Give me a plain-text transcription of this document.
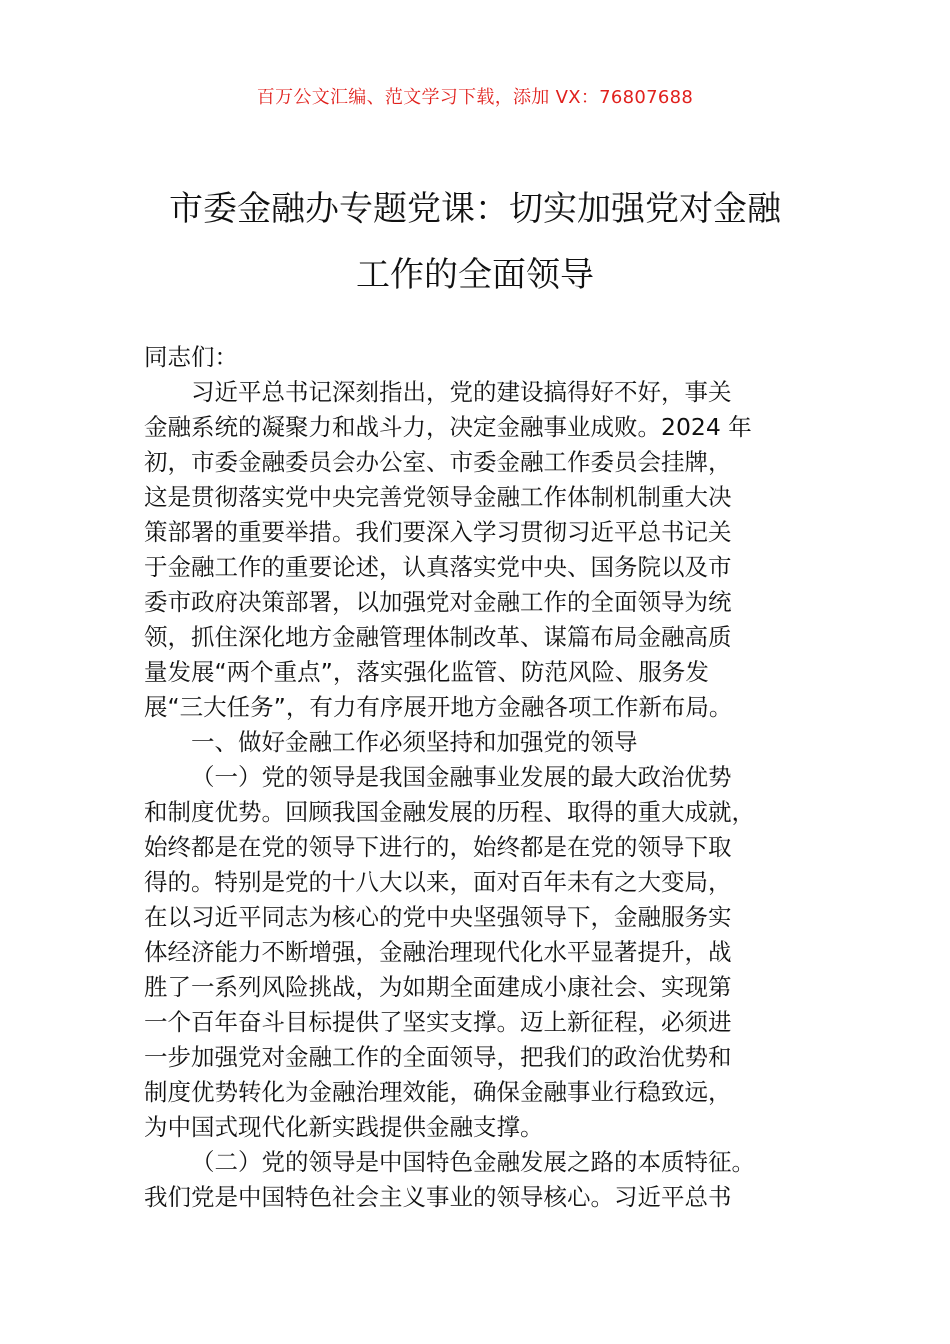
百万公文汇编、范文学习下载，添加 VX：76807688
市委金融办专题党课：切实加强党对金融
工作的全面领导
同志们：
习近平总书记深刻指出，党的建设搞得好不好，事关
金融系统的凝聚力和战斗力，决定金融事业成败。2024 年
初，市委金融委员会办公室、市委金融工作委员会挂牌，
这是贯彻落实党中央完善党领导金融工作体制机制重大决
策部署的重要举措。我们要深入学习贯彻习近平总书记关
于金融工作的重要论述，认真落实党中央、国务院以及市
委市政府决策部署，以加强党对金融工作的全面领导为统
领，抓住深化地方金融管理体制改革、谋篇布局金融高质
量发展“两个重点”，落实强化监管、防范风险、服务发
展“三大任务”，有力有序展开地方金融各项工作新布局。
一、做好金融工作必须坚持和加强党的领导
（一）党的领导是我国金融事业发展的最大政治优势
和制度优势。回顾我国金融发展的历程、取得的重大成就，
始终都是在党的领导下进行的，始终都是在党的领导下取
得的。特别是党的十八大以来，面对百年未有之大变局，
在以习近平同志为核心的党中央坚强领导下，金融服务实
体经济能力不断增强，金融治理现代化水平显著提升，战
胜了一系列风险挑战，为如期全面建成小康社会、实现第
一个百年奋斗目标提供了坚实支撑。迈上新征程，必须进
一步加强党对金融工作的全面领导，把我们的政治优势和
制度优势转化为金融治理效能，确保金融事业行稳致远，
为中国式现代化新实践提供金融支撑。
（二）党的领导是中国特色金融发展之路的本质特征。
我们党是中国特色社会主义事业的领导核心。习近平总书
